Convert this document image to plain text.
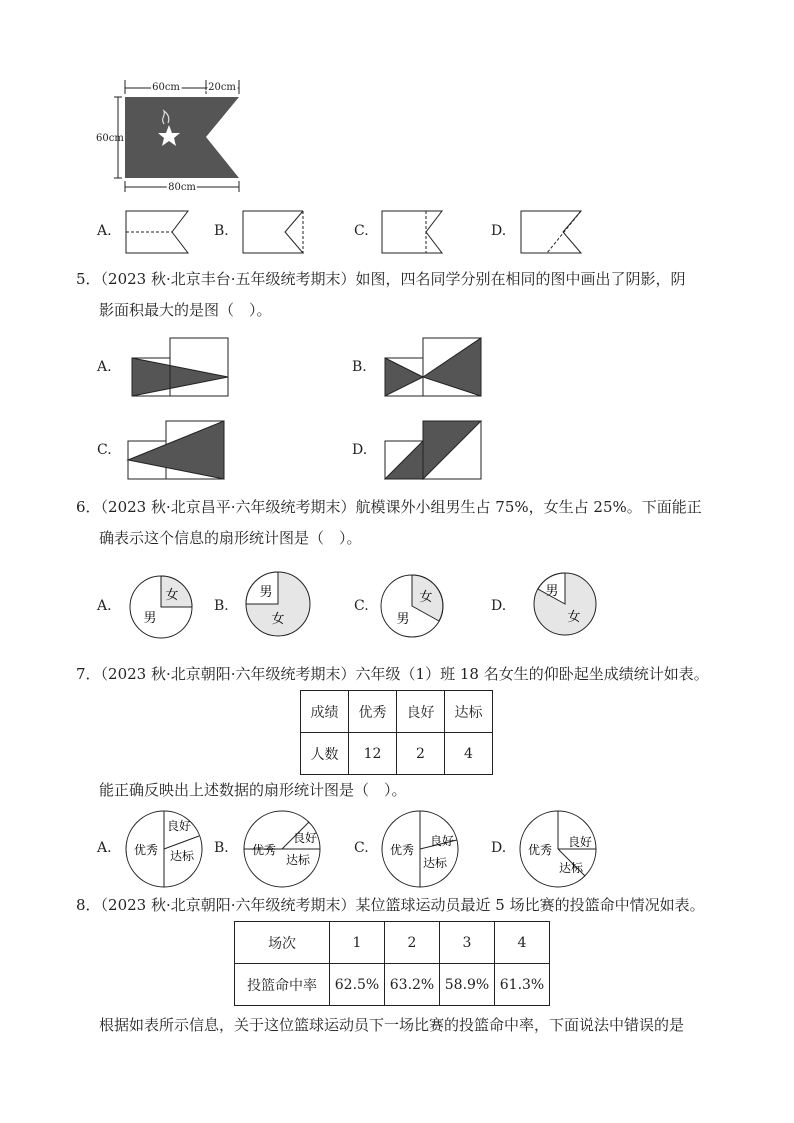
60cm	20cm
60cm
80cm
A.	B.	C.	D.
5．（2023 秋·北京丰台·五年级统考期末）如图，四名同学分别在相同的图中画出了阴影，阴
影面积最大的是图（　）。
A.	B.
C.	D.
6．（2023 秋·北京昌平·六年级统考期末）航模课外小组男生占 75%，女生占 25%。下面能正
确表示这个信息的扇形统计图是（　）。
A.
女
男
B.
男
女
C.
女
男
D.
男
女
7．（2023 秋·北京朝阳·六年级统考期末）六年级（1）班 18 名女生的仰卧起坐成绩统计如表。
成绩	优秀	良好	达标
人数	12	2	4
能正确反映出上述数据的扇形统计图是（　）。
A. 优秀
良好
达标 B. 优秀
良好
达标
C. 优秀
良好
达标
D. 优秀
良好
达标
8．（2023 秋·北京朝阳·六年级统考期末）某位篮球运动员最近 5 场比赛的投篮命中情况如表。
场次	1	2	3	4
投篮命中率	62.5%	63.2%	58.9%	61.3%
根据如表所示信息，关于这位篮球运动员下一场比赛的投篮命中率，下面说法中错误的是
